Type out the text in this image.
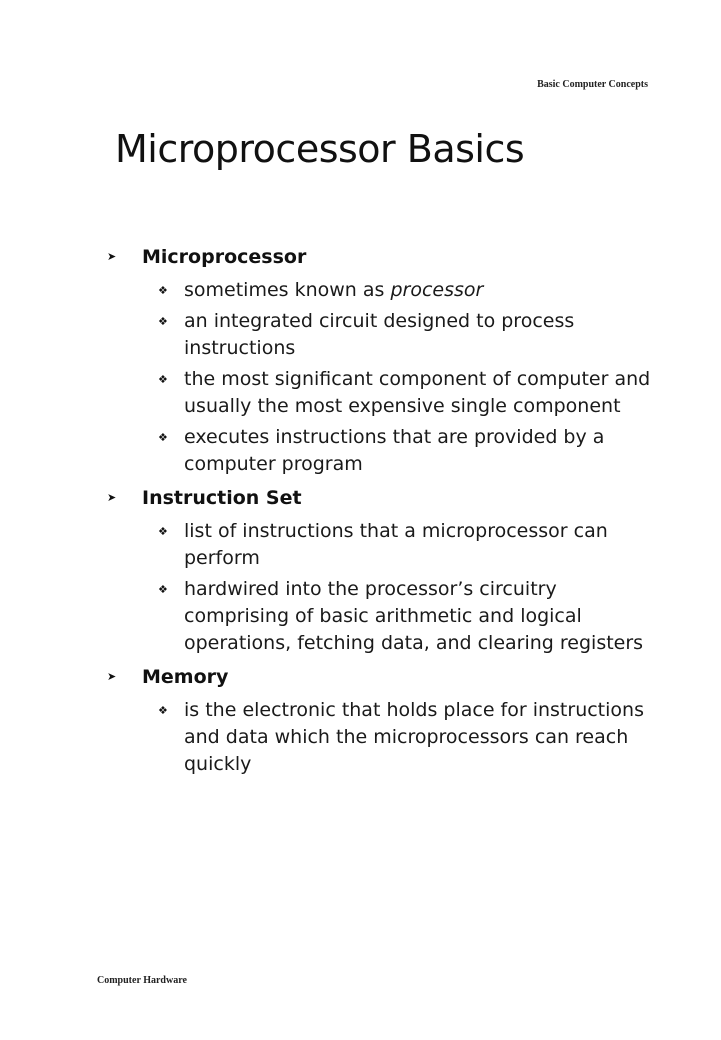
Basic Computer Concepts
Microprocessor Basics
➤	Microprocessor
❖ sometimes known as processor
❖ an integrated circuit designed to process instructions
❖ the most significant component of computer and usually the most expensive single component
❖ executes instructions that are provided by a computer program
➤	Instruction Set
❖ list of instructions that a microprocessor can perform
❖ hardwired into the processor’s circuitry comprising of basic arithmetic and logical operations, fetching data, and clearing registers
➤	Memory
❖ is the electronic that holds place for instructions and data which the microprocessors can reach quickly
Computer Hardware
